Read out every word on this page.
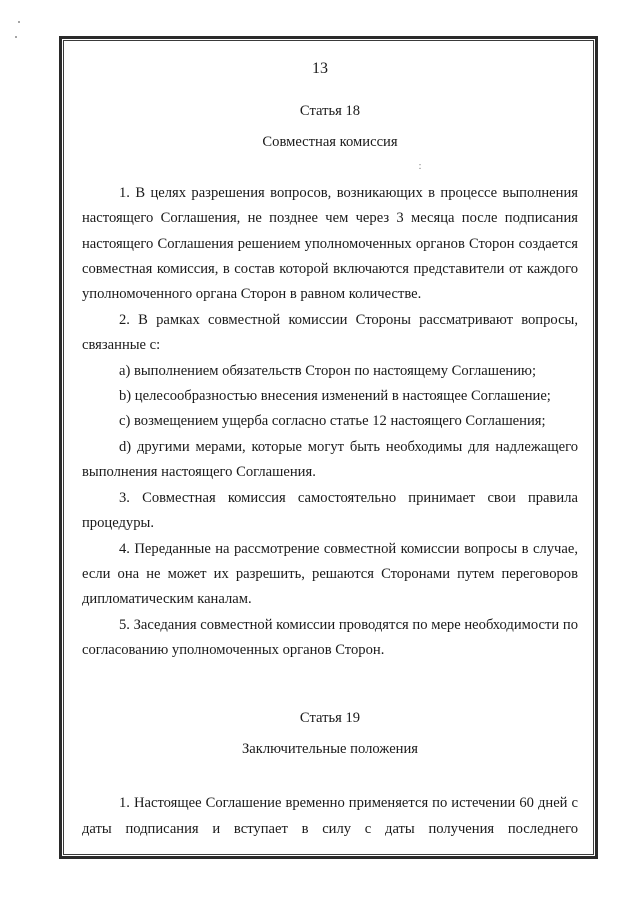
13

Статья 18

Совместная комиссия

:

1. В целях разрешения вопросов, возникающих в процессе выполнения настоящего Соглашения, не позднее чем через 3 месяца после подписания настоящего Соглашения решением уполномоченных органов Сторон создается совместная комиссия, в состав которой включаются представители от каждого уполномоченного органа Сторон в равном количестве.

2. В рамках совместной комиссии Стороны рассматривают вопросы, связанные с:

a) выполнением обязательств Сторон по настоящему Соглашению;

b) целесообразностью внесения изменений в настоящее Соглашение;

c) возмещением ущерба согласно статье 12 настоящего Соглашения;

d) другими мерами, которые могут быть необходимы для надлежащего выполнения настоящего Соглашения.

3. Совместная комиссия самостоятельно принимает свои правила процедуры.

4. Переданные на рассмотрение совместной комиссии вопросы в случае, если она не может их разрешить, решаются Сторонами путем переговоров дипломатическим каналам.

5. Заседания совместной комиссии проводятся по мере необходимости по согласованию уполномоченных органов Сторон.

Статья 19

Заключительные положения

1. Настоящее Соглашение временно применяется по истечении 60 дней с даты подписания и вступает в силу с даты получения последнего
